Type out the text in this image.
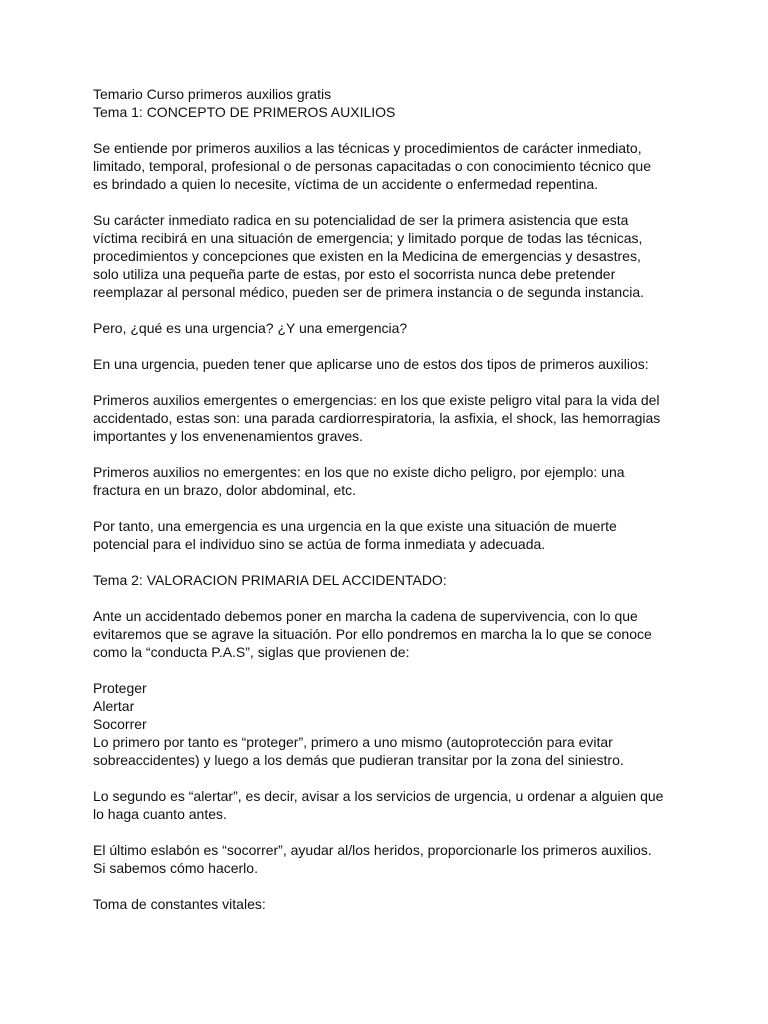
Temario Curso primeros auxilios gratis
Tema 1: CONCEPTO DE PRIMEROS AUXILIOS
Se entiende por primeros auxilios a las técnicas y procedimientos de carácter inmediato,
limitado, temporal, profesional o de personas capacitadas o con conocimiento técnico que
es brindado a quien lo necesite, víctima de un accidente o enfermedad repentina.
Su carácter inmediato radica en su potencialidad de ser la primera asistencia que esta
víctima recibirá en una situación de emergencia; y limitado porque de todas las técnicas,
procedimientos y concepciones que existen en la Medicina de emergencias y desastres,
solo utiliza una pequeña parte de estas, por esto el socorrista nunca debe pretender
reemplazar al personal médico, pueden ser de primera instancia o de segunda instancia.
Pero, ¿qué es una urgencia? ¿Y una emergencia?
En una urgencia, pueden tener que aplicarse uno de estos dos tipos de primeros auxilios:
Primeros auxilios emergentes o emergencias: en los que existe peligro vital para la vida del
accidentado, estas son: una parada cardiorrespiratoria, la asfixia, el shock, las hemorragias
importantes y los envenenamientos graves.
Primeros auxilios no emergentes: en los que no existe dicho peligro, por ejemplo: una
fractura en un brazo, dolor abdominal, etc.
Por tanto, una emergencia es una urgencia en la que existe una situación de muerte
potencial para el individuo sino se actúa de forma inmediata y adecuada.
Tema 2: VALORACION PRIMARIA DEL ACCIDENTADO:
Ante un accidentado debemos poner en marcha la cadena de supervivencia, con lo que
evitaremos que se agrave la situación. Por ello pondremos en marcha la lo que se conoce
como la “conducta P.A.S”, siglas que provienen de:
Proteger
Alertar
Socorrer
Lo primero por tanto es “proteger”, primero a uno mismo (autoprotección para evitar
sobreaccidentes) y luego a los demás que pudieran transitar por la zona del siniestro.
Lo segundo es “alertar”, es decir, avisar a los servicios de urgencia, u ordenar a alguien que
lo haga cuanto antes.
El último eslabón es “socorrer”, ayudar al/los heridos, proporcionarle los primeros auxilios.
Si sabemos cómo hacerlo.
Toma de constantes vitales:
